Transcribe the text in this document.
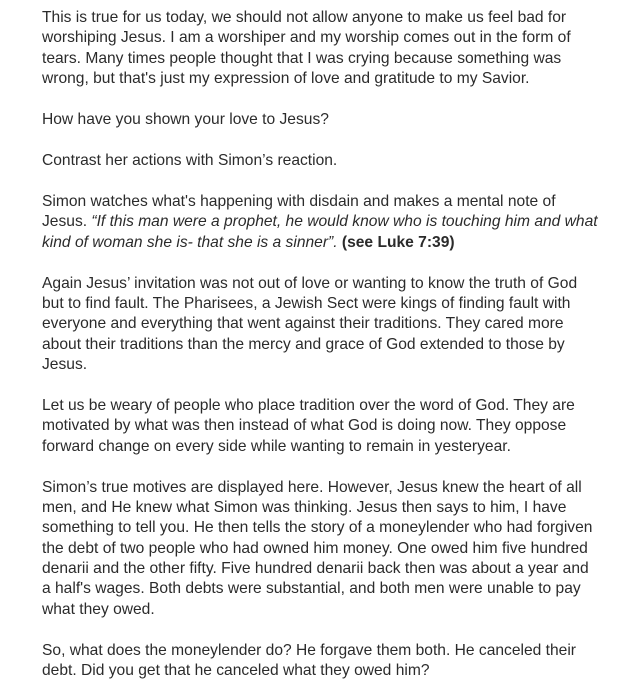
This is true for us today, we should not allow anyone to make us feel bad for worshiping Jesus. I am a worshiper and my worship comes out in the form of tears. Many times people thought that I was crying because something was wrong, but that's just my expression of love and gratitude to my Savior.

How have you shown your love to Jesus?

Contrast her actions with Simon’s reaction.

Simon watches what's happening with disdain and makes a mental note of Jesus. “If this man were a prophet, he would know who is touching him and what kind of woman she is- that she is a sinner”. (see Luke 7:39)

Again Jesus’ invitation was not out of love or wanting to know the truth of God but to find fault. The Pharisees, a Jewish Sect were kings of finding fault with everyone and everything that went against their traditions. They cared more about their traditions than the mercy and grace of God extended to those by Jesus.

Let us be weary of people who place tradition over the word of God. They are motivated by what was then instead of what God is doing now. They oppose forward change on every side while wanting to remain in yesteryear.

Simon’s true motives are displayed here. However, Jesus knew the heart of all men, and He knew what Simon was thinking. Jesus then says to him, I have something to tell you. He then tells the story of a moneylender who had forgiven the debt of two people who had owned him money. One owed him five hundred denarii and the other fifty. Five hundred denarii back then was about a year and a half's wages. Both debts were substantial, and both men were unable to pay what they owed.

So, what does the moneylender do? He forgave them both. He canceled their debt. Did you get that he canceled what they owed him?
